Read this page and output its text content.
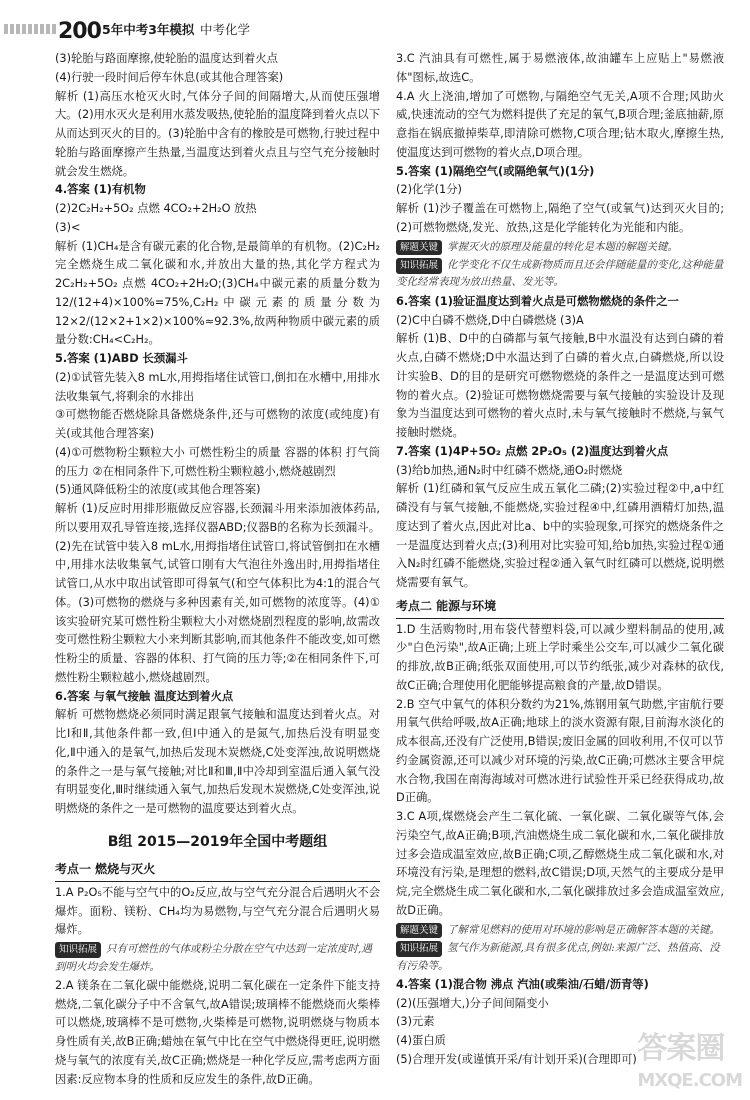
200 5年中考3年模拟 中考化学

(3)轮胎与路面摩擦,使轮胎的温度达到着火点

(4)行驶一段时间后停车休息(或其他合理答案)

解析 (1)高压水枪灭火时,气体分子间的间隔增大,从而使压强增大。(2)用水灭火是利用水蒸发吸热,使轮胎的温度降到着火点以下从而达到灭火的目的。(3)轮胎中含有的橡胶是可燃物,行驶过程中轮胎与路面摩擦产生热量,当温度达到着火点且与空气充分接触时就会发生燃烧。

4.答案 (1)有机物

(2)2C₂H₂+5O₂ 点燃 4CO₂+2H₂O 放热

(3)<

解析 (1)CH₄是含有碳元素的化合物,是最简单的有机物。(2)C₂H₂完全燃烧生成二氧化碳和水,并放出大量的热,其化学方程式为2C₂H₂+5O₂ 点燃 4CO₂+2H₂O;(3)CH₄中碳元素的质量分数为12/(12+4)×100%=75%,C₂H₂中碳元素的质量分数为12×2/(12×2+1×2)×100%≈92.3%,故两种物质中碳元素的质量分数:CH₄<C₂H₂。

5.答案 (1)ABD 长颈漏斗

(2)①试管先装入8 mL水,用拇指堵住试管口,倒扣在水槽中,用排水法收集氧气,将剩余的水排出

③可燃物能否燃烧除具备燃烧条件,还与可燃物的浓度(或纯度)有关(或其他合理答案)

(4)①可燃物粉尘颗粒大小 可燃性粉尘的质量 容器的体积 打气筒的压力 ②在相同条件下,可燃性粉尘颗粒越小,燃烧越剧烈

(5)通风降低粉尘的浓度(或其他合理答案)

解析 (1)反应时用排形瓶做反应容器,长颈漏斗用来添加液体药品,所以要用双孔导管连接,选择仪器ABD;仪器B的名称为长颈漏斗。(2)先在试管中装入8 mL水,用拇指堵住试管口,将试管倒扣在水槽中,用排水法收集氧气,试管口刚有大气泡往外逸出时,用拇指堵住试管口,从水中取出试管即可得氧气(和空气体积比为4:1的混合气体。(3)可燃物的燃烧与多种因素有关,如可燃物的浓度等。(4)①该实验研究某可燃性粉尘颗粒大小对燃烧剧烈程度的影响,故需改变可燃性粉尘颗粒大小来判断其影响,而其他条件不能改变,如可燃性粉尘的质量、容器的体积、打气筒的压力等;②在相同条件下,可燃性粉尘颗粒越小,燃烧越剧烈。

6.答案 与氧气接触 温度达到着火点

解析 可燃物燃烧必须同时满足跟氧气接触和温度达到着火点。对比Ⅰ和Ⅱ,其他条件都一致,但Ⅰ中通入的是氮气,加热后没有明显变化,Ⅱ中通入的是氧气,加热后发现木炭燃烧,C处变浑浊,故说明燃烧的条件之一是与氧气接触;对比Ⅱ和Ⅲ,Ⅱ中冷却到室温后通入氧气没有明显变化,Ⅲ时继续通入氧气,加热后发现木炭燃烧,C处变浑浊,说明燃烧的条件之一是可燃物的温度要达到着火点。

B组 2015—2019年全国中考题组
考点一 燃烧与灭火

1.A P₂O₅不能与空气中的O₂反应,故与空气充分混合后遇明火不会爆炸。面粉、镁粉、CH₄均为易燃物,与空气充分混合后遇明火易爆炸。

知识拓展 只有可燃性的气体或粉尘分散在空气中达到一定浓度时,遇到明火均会发生爆炸。

2.A 镁条在二氧化碳中能燃烧,说明二氧化碳在一定条件下能支持燃烧,二氧化碳分子中不含氧气,故A错误;玻璃棒不能燃烧而火柴棒可以燃烧,玻璃棒不是可燃物,火柴棒是可燃物,说明燃烧与物质本身性质有关,故B正确;蜡烛在氧气中比在空气中燃烧得更旺,说明燃烧与氧气的浓度有关,故C正确;燃烧是一种化学反应,需考虑两方面因素:反应物本身的性质和反应发生的条件,故D正确。

3.C 汽油具有可燃性,属于易燃液体,故油罐车上应贴上"易燃液体"图标,故选C。

4.A 火上浇油,增加了可燃物,与隔绝空气无关,A项不合理;风助火威,快速流动的空气为燃料提供了充足的氧气,B项合理;釜底抽薪,原意指在锅底撤掉柴草,即清除可燃物,C项合理;钻木取火,摩擦生热,使温度达到可燃物的着火点,D项合理。

5.答案 (1)隔绝空气(或隔绝氧气)(1分)

(2)化学(1分)

解析 (1)沙子覆盖在可燃物上,隔绝了空气(或氧气)达到灭火目的;(2)可燃物燃烧,发光、放热,这是化学能转化为光能和内能。

解题关键 掌握灭火的原理及能量的转化是本题的解题关键。
知识拓展 化学变化不仅生成新物质而且还会伴随能量的变化,这种能量变化经常表现为放出热量、发光等。

6.答案 (1)验证温度达到着火点是可燃物燃烧的条件之一

(2)C中白磷不燃烧,D中白磷燃烧 (3)A

解析 (1)B、D中的白磷都与氧气接触,B中水温没有达到白磷的着火点,白磷不燃烧;D中水温达到了白磷的着火点,白磷燃烧,所以设计实验B、D的目的是研究可燃物燃烧的条件之一是温度达到可燃物的着火点。(2)验证可燃物燃烧需要与氧气接触的实验设计及现象为当温度达到可燃物的着火点时,未与氧气接触时不燃烧,与氧气接触时燃烧。

7.答案 (1)4P+5O₂ 点燃 2P₂O₅ (2)温度达到着火点

(3)给b加热,通N₂时中红磷不燃烧,通O₂时燃烧

解析 (1)红磷和氧气反应生成五氧化二磷;(2)实验过程②中,a中红磷没有与氧气接触,不能燃烧,实验过程④中,红磷用酒精灯加热,温度达到了着火点,因此对比a、b中的实验现象,可探究的燃烧条件之一是温度达到着火点;(3)利用对比实验可知,给b加热,实验过程①通入N₂时红磷不能燃烧,实验过程②通入氧气时红磷可以燃烧,说明燃烧需要有氧气。

考点二 能源与环境

1.D 生活购物时,用布袋代替塑料袋,可以减少塑料制品的使用,减少"白色污染",故A正确;上班上学时乘坐公交车,可以减少二氧化碳的排放,故B正确;纸张双面使用,可以节约纸张,减少对森林的砍伐,故C正确;合理使用化肥能够提高粮食的产量,故D错误。

2.B 空气中氧气的体积分数约为21%,炼钢用氧气助燃,宇宙航行要用氧气供给呼吸,故A正确;地球上的淡水资源有限,目前海水淡化的成本很高,还没有广泛使用,B错误;废旧金属的回收利用,不仅可以节约金属资源,还可以减少对环境的污染,故C正确;可燃冰主要含甲烷水合物,我国在南海海域对可燃冰进行试验性开采已经获得成功,故D正确。

3.C A项,煤燃烧会产生二氧化硫、一氧化碳、二氧化碳等气体,会污染空气,故A正确;B项,汽油燃烧生成二氧化碳和水,二氧化碳排放过多会造成温室效应,故B正确;C项,乙醇燃烧生成二氧化碳和水,对环境没有污染,是理想的燃料,故C错误;D项,天然气的主要成分是甲烷,完全燃烧生成二氧化碳和水,二氧化碳排放过多会造成温室效应,故D正确。

解题关键 了解常见燃料的使用对环境的影响是正确解答本题的关键。
知识拓展 氢气作为新能源,具有很多优点,例如:来源广泛、热值高、没有污染等。

4.答案 (1)混合物 沸点 汽油(或柴油/石蜡/沥青等)

(2)(压强增大,)分子间间隔变小

(3)元素

(4)蛋白质

(5)合理开发(或谨慎开采/有计划开采)(合理即可) 答案圈
MXQE.COM
